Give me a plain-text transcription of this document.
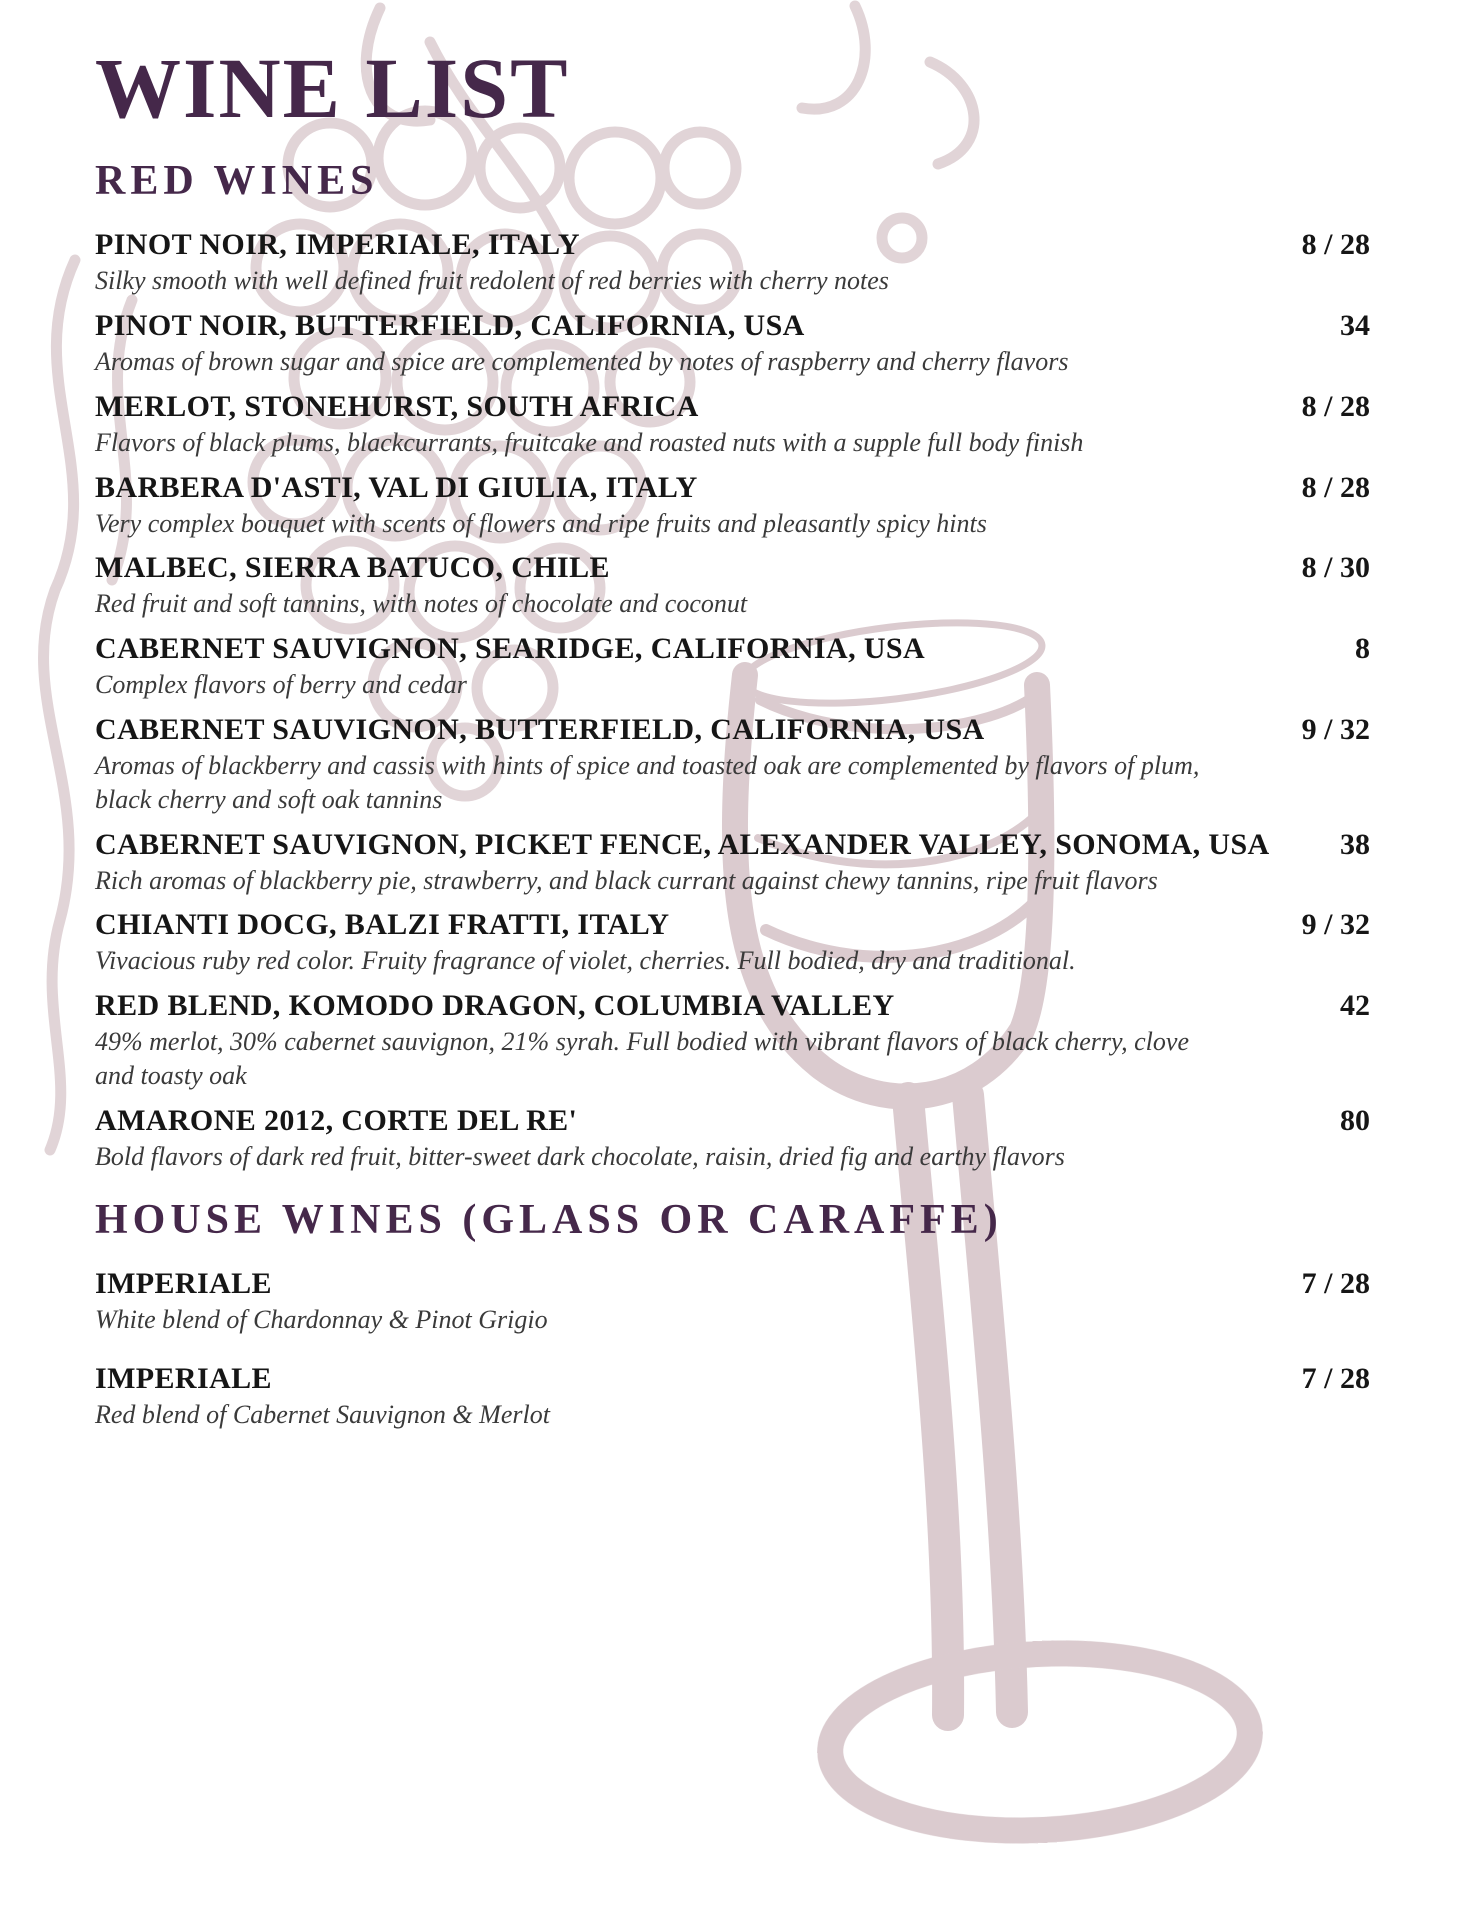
WINE LIST
RED WINES
PINOT NOIR, IMPERIALE, ITALY	8 / 28

Silky smooth with well defined fruit redolent of red berries with cherry notes

PINOT NOIR, BUTTERFIELD, CALIFORNIA, USA	34

Aromas of brown sugar and spice are complemented by notes of raspberry and cherry flavors

MERLOT, STONEHURST, SOUTH AFRICA	8 / 28

Flavors of black plums, blackcurrants, fruitcake and roasted nuts with a supple full body finish

BARBERA D'ASTI, VAL DI GIULIA, ITALY	8 / 28

Very complex bouquet with scents of flowers and ripe fruits and pleasantly spicy hints

MALBEC, SIERRA BATUCO, CHILE	8 / 30

Red fruit and soft tannins, with notes of chocolate and coconut

CABERNET SAUVIGNON, SEARIDGE, CALIFORNIA, USA	8

Complex flavors of berry and cedar

CABERNET SAUVIGNON, BUTTERFIELD, CALIFORNIA, USA	9 / 32

Aromas of blackberry and cassis with hints of spice and toasted oak are complemented by flavors of plum, black cherry and soft oak tannins

CABERNET SAUVIGNON, PICKET FENCE, ALEXANDER VALLEY, SONOMA, USA 38

Rich aromas of blackberry pie, strawberry, and black currant against chewy tannins, ripe fruit flavors

CHIANTI DOCG, BALZI FRATTI, ITALY	9 / 32

Vivacious ruby red color. Fruity fragrance of violet, cherries. Full bodied, dry and traditional.

RED BLEND, KOMODO DRAGON, COLUMBIA VALLEY	42

49% merlot, 30% cabernet sauvignon, 21% syrah. Full bodied with vibrant flavors of black cherry, clove and toasty oak

AMARONE 2012, CORTE DEL RE'	80

Bold flavors of dark red fruit, bitter-sweet dark chocolate, raisin, dried fig and earthy flavors

HOUSE WINES (GLASS OR CARAFFE)
IMPERIALE	7 / 28

White blend of Chardonnay & Pinot Grigio

IMPERIALE	7 / 28

Red blend of Cabernet Sauvignon & Merlot
